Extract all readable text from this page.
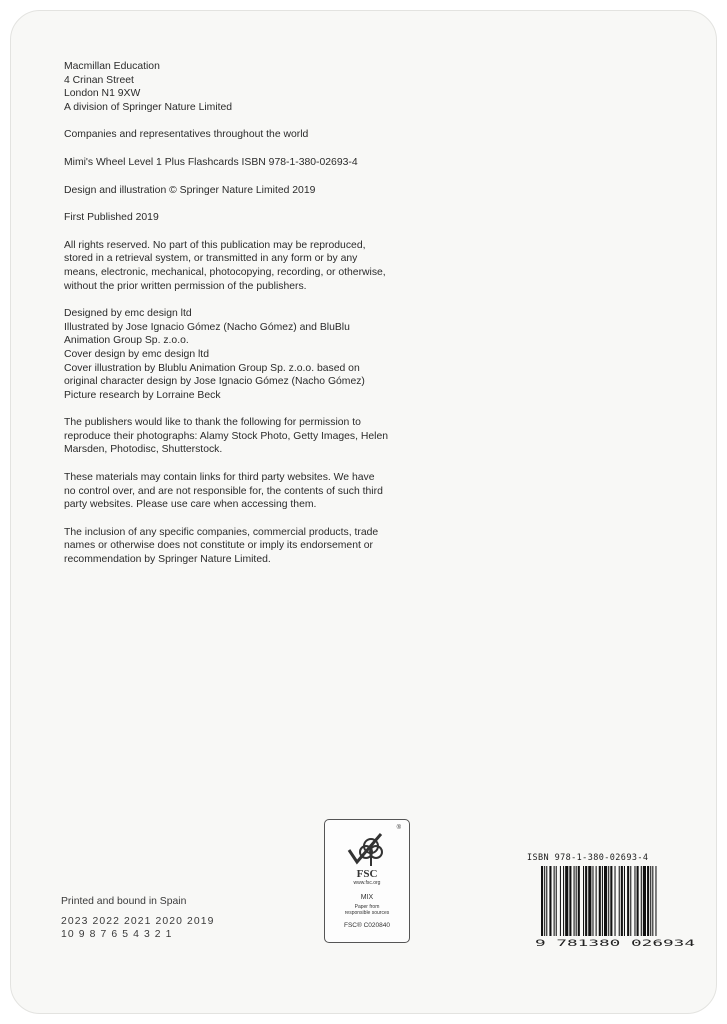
Macmillan Education
4 Crinan Street
London N1 9XW
A division of Springer Nature Limited

Companies and representatives throughout the world

Mimi's Wheel Level 1 Plus Flashcards ISBN 978-1-380-02693-4

Design and illustration © Springer Nature Limited 2019

First Published 2019

All rights reserved. No part of this publication may be reproduced,
stored in a retrieval system, or transmitted in any form or by any
means, electronic, mechanical, photocopying, recording, or otherwise,
without the prior written permission of the publishers.

Designed by emc design ltd
Illustrated by Jose Ignacio Gómez (Nacho Gómez) and BluBlu
Animation Group Sp. z.o.o.
Cover design by emc design ltd
Cover illustration by Blublu Animation Group Sp. z.o.o. based on
original character design by Jose Ignacio Gómez (Nacho Gómez)
Picture research by Lorraine Beck

The publishers would like to thank the following for permission to
reproduce their photographs: Alamy Stock Photo, Getty Images, Helen
Marsden, Photodisc, Shutterstock.

These materials may contain links for third party websites. We have
no control over, and are not responsible for, the contents of such third
party websites. Please use care when accessing them.

The inclusion of any specific companies, commercial products, trade
names or otherwise does not constitute or imply its endorsement or
recommendation by Springer Nature Limited.

Printed and bound in Spain
2023 2022 2021 2020 2019
10 9 8 7 6 5 4 3 2 1
®
FSC
www.fsc.org
MIX
Paper from
responsible sources
FSC® C020840
ISBN 978-1-380-02693-4
9 781380 026934
